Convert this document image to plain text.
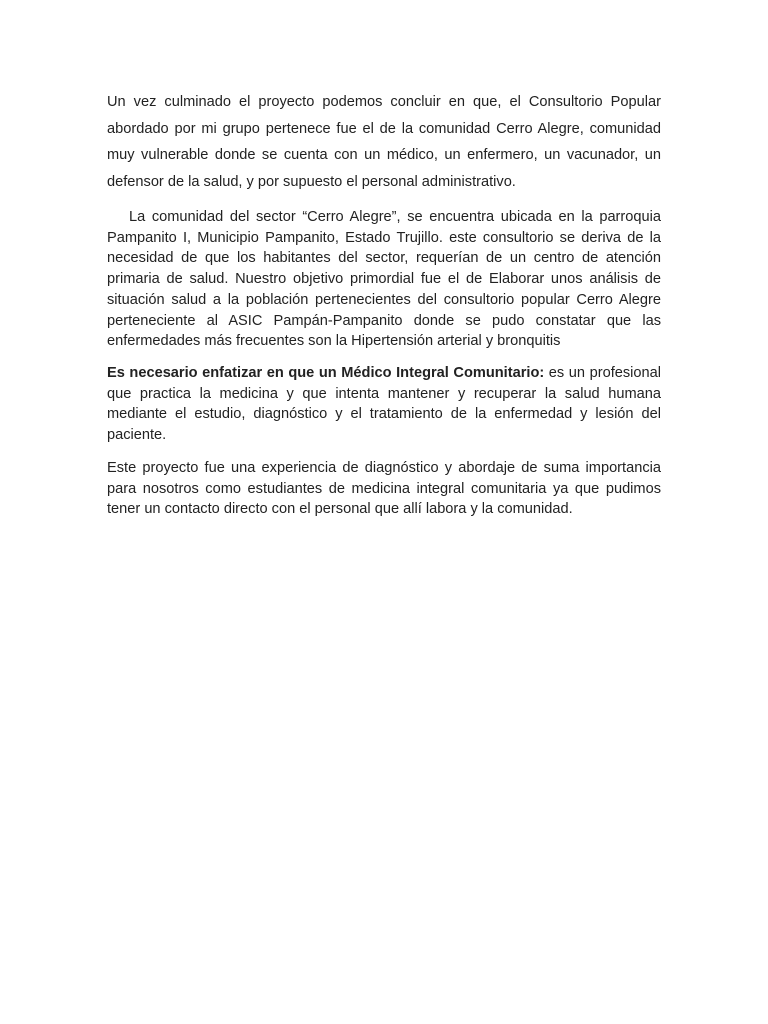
Un vez culminado el proyecto podemos concluir en que, el Consultorio Popular abordado por mi grupo pertenece fue el de la comunidad Cerro Alegre, comunidad muy vulnerable donde se cuenta con un médico, un enfermero, un vacunador, un defensor de la salud, y por supuesto el personal administrativo.

La comunidad del sector “Cerro Alegre”, se encuentra ubicada en la parroquia Pampanito I, Municipio Pampanito, Estado Trujillo. este consultorio se deriva de la necesidad de que los habitantes del sector, requerían de un centro de atención primaria de salud. Nuestro objetivo primordial fue el de Elaborar unos análisis de situación salud a la población pertenecientes del consultorio popular Cerro Alegre perteneciente al ASIC Pampán-Pampanito donde se pudo constatar que las enfermedades más frecuentes son la Hipertensión arterial y bronquitis

Es necesario enfatizar en que un Médico Integral Comunitario: es un profesional que practica la medicina y que intenta mantener y recuperar la salud humana mediante el estudio, diagnóstico y el tratamiento de la enfermedad y lesión del paciente.

Este proyecto fue una experiencia de diagnóstico y abordaje de suma importancia para nosotros como estudiantes de medicina integral comunitaria ya que pudimos tener un contacto directo con el personal que allí labora y la comunidad.
